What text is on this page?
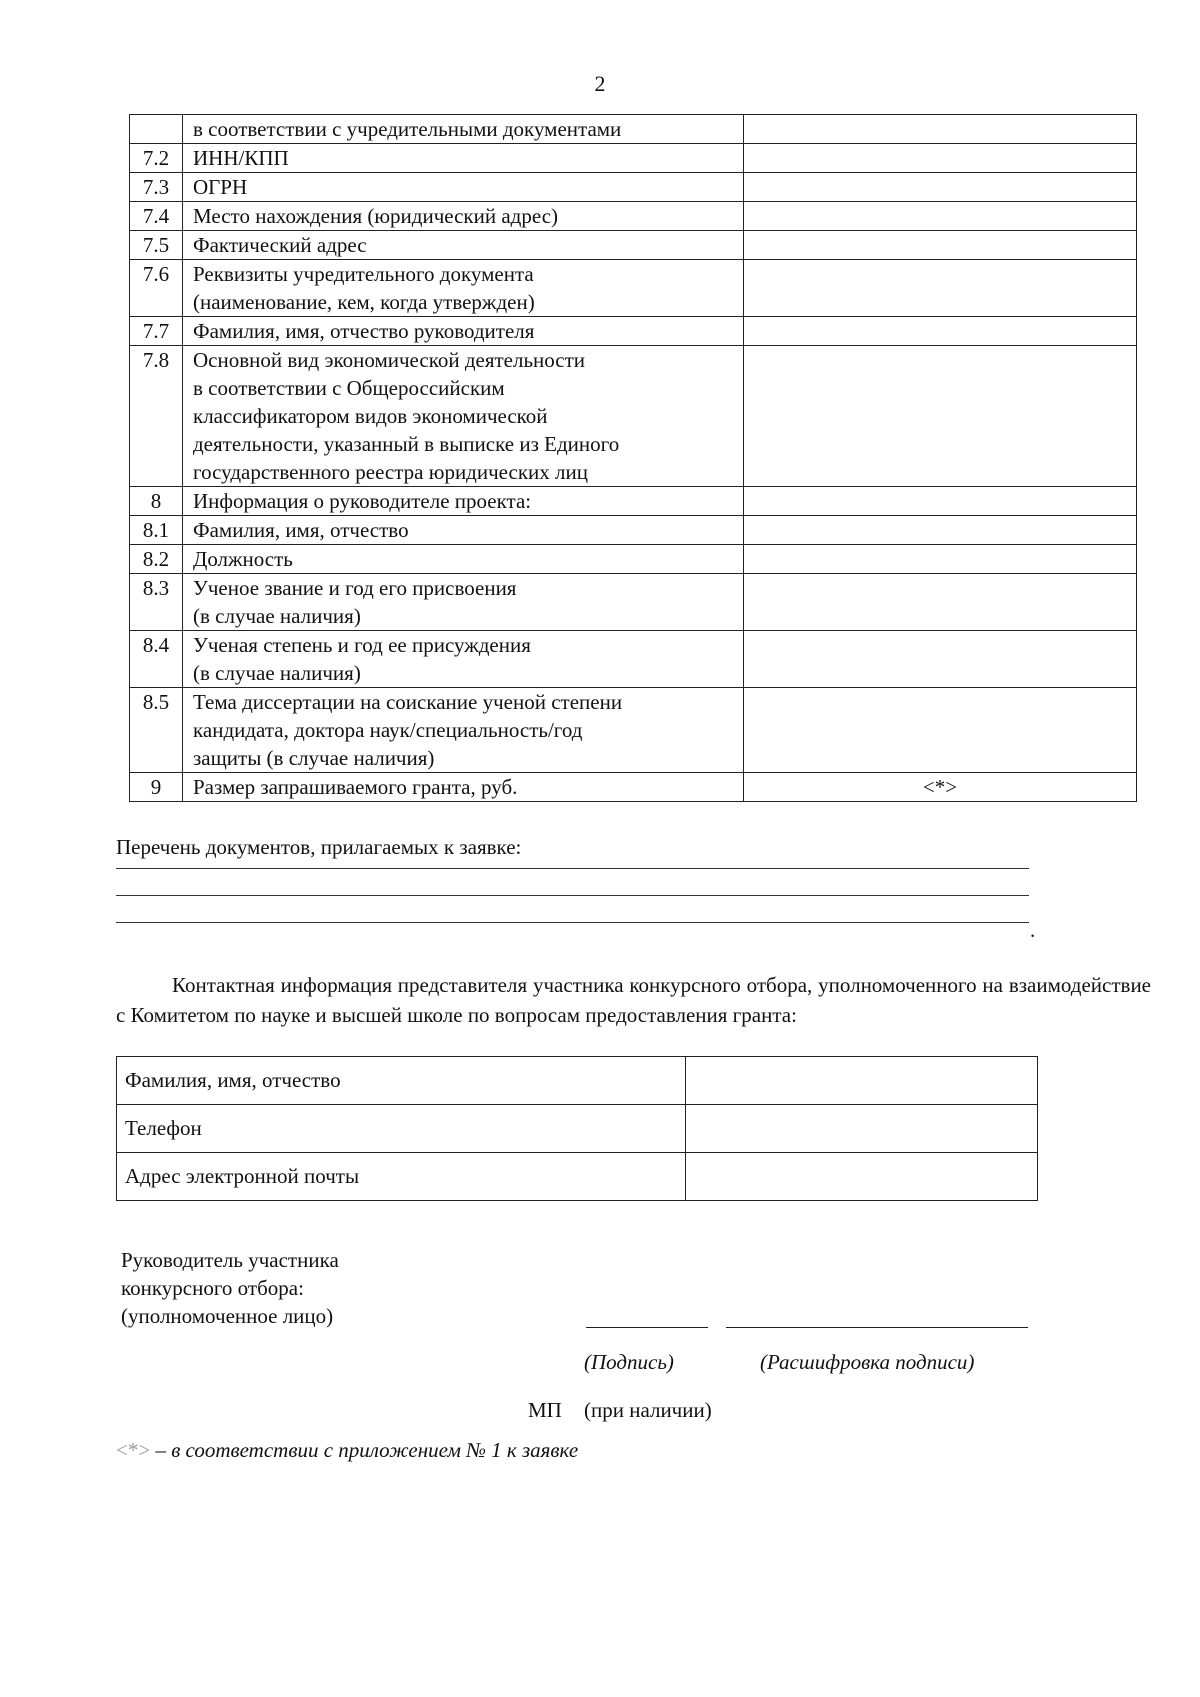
2
	в соответствии с учредительными документами	
7.2	ИНН/КПП	
7.3	ОГРН	
7.4	Место нахождения (юридический адрес)	
7.5	Фактический адрес	
7.6	Реквизиты учредительного документа
(наименование, кем, когда утвержден)	
7.7	Фамилия, имя, отчество руководителя	
7.8	Основной вид экономической деятельности
в соответствии с Общероссийским
классификатором видов экономической
деятельности, указанный в выписке из Единого
государственного реестра юридических лиц	
8	Информация о руководителе проекта:	
8.1	Фамилия, имя, отчество	
8.2	Должность	
8.3	Ученое звание и год его присвоения
(в случае наличия)	
8.4	Ученая степень и год ее присуждения
(в случае наличия)	
8.5	Тема диссертации на соискание ученой степени
кандидата, доктора наук/специальность/год
защиты (в случае наличия)	
9	Размер запрашиваемого гранта, руб.	<*>
Перечень документов, прилагаемых к заявке:
.

Контактная информация представителя участника конкурсного отбора, уполномоченного на взаимодействие с Комитетом по науке и высшей школе по вопросам предоставления гранта:

Фамилия, имя, отчество	
Телефон	
Адрес электронной почты	
Руководитель участника
конкурсного отбора:
(уполномоченное лицо)
(Подпись)	(Расшифровка подписи)
МП (при наличии)
<*> – в соответствии с приложением № 1 к заявке
